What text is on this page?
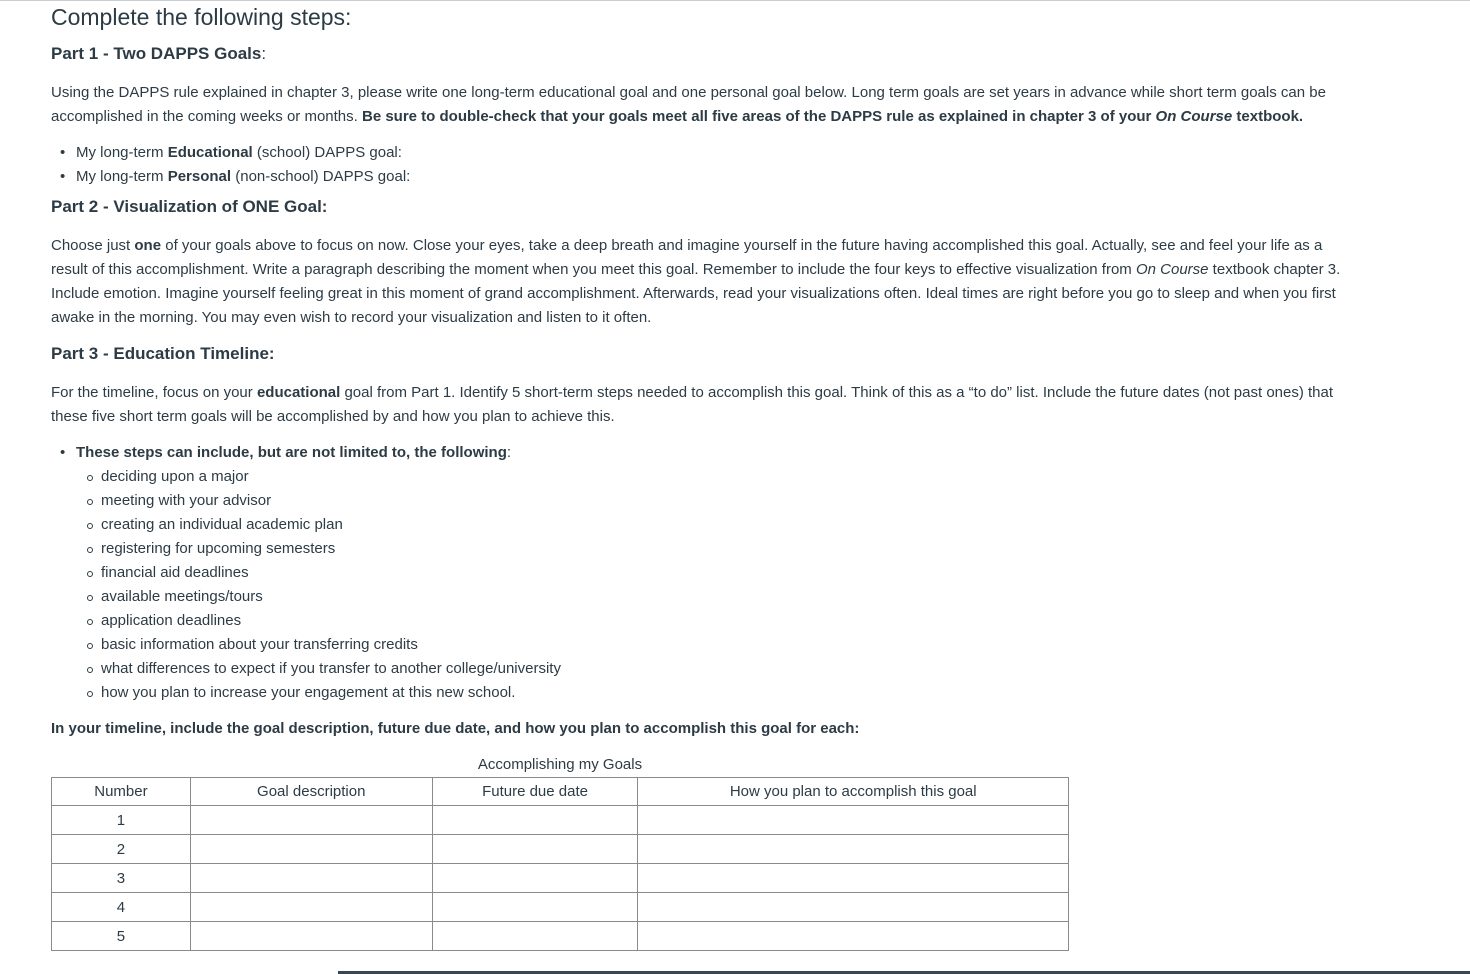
Complete the following steps:
Part 1 - Two DAPPS Goals:

Using the DAPPS rule explained in chapter 3, please write one long-term educational goal and one personal goal below. Long term goals are set years in advance while short term goals can be accomplished in the coming weeks or months. Be sure to double-check that your goals meet all five areas of the DAPPS rule as explained in chapter 3 of your On Course textbook.

• My long-term Educational (school) DAPPS goal:
• My long-term Personal (non-school) DAPPS goal:
Part 2 - Visualization of ONE Goal:

Choose just one of your goals above to focus on now. Close your eyes, take a deep breath and imagine yourself in the future having accomplished this goal. Actually, see and feel your life as a result of this accomplishment. Write a paragraph describing the moment when you meet this goal. Remember to include the four keys to effective visualization from On Course textbook chapter 3. Include emotion. Imagine yourself feeling great in this moment of grand accomplishment. Afterwards, read your visualizations often. Ideal times are right before you go to sleep and when you first awake in the morning. You may even wish to record your visualization and listen to it often.

Part 3 - Education Timeline:

For the timeline, focus on your educational goal from Part 1. Identify 5 short-term steps needed to accomplish this goal. Think of this as a “to do” list. Include the future dates (not past ones) that these five short term goals will be accomplished by and how you plan to achieve this.

• These steps can include, but are not limited to, the following:
deciding upon a major
meeting with your advisor
creating an individual academic plan
registering for upcoming semesters
financial aid deadlines
available meetings/tours
application deadlines
basic information about your transferring credits
what differences to expect if you transfer to another college/university
how you plan to increase your engagement at this new school.

In your timeline, include the goal description, future due date, and how you plan to accomplish this goal for each:

Accomplishing my Goals

Number	Goal description	Future due date	How you plan to accomplish this goal
1			
2			
3			
4			
5			
